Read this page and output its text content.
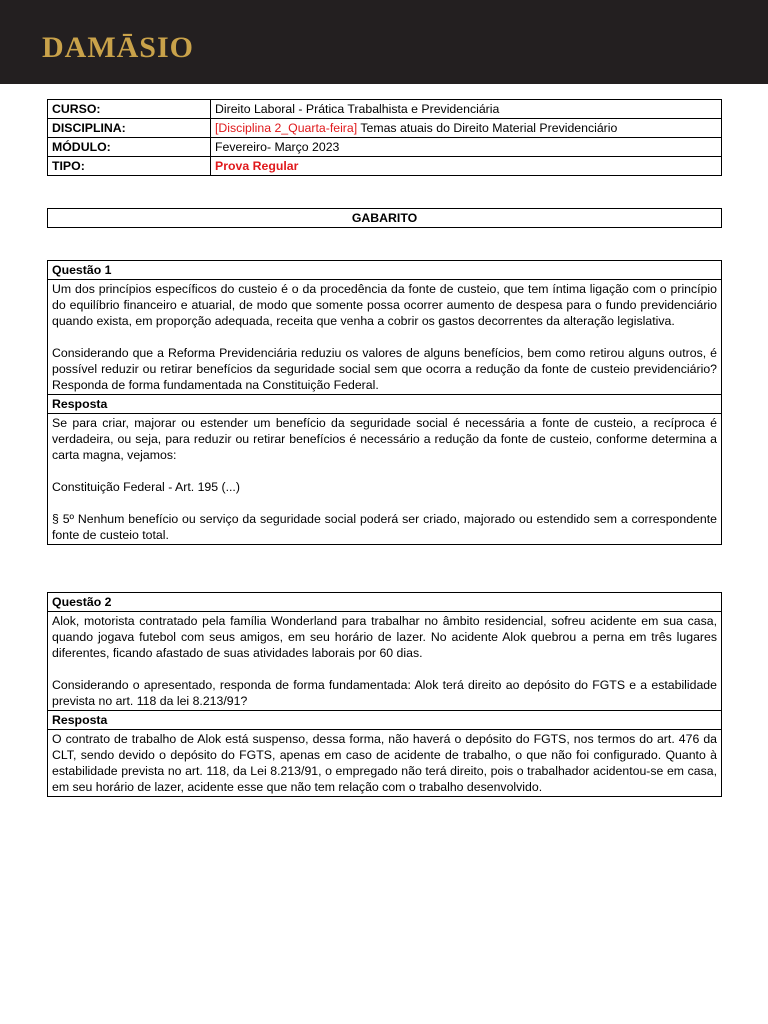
DAMĀSIO
CURSO:	Direito Laboral - Prática Trabalhista e Previdenciária
DISCIPLINA:	[Disciplina 2_Quarta-feira] Temas atuais do Direito Material Previdenciário
MÓDULO:	Fevereiro- Março 2023
TIPO:	Prova Regular
GABARITO
Questão 1

Um dos princípios específicos do custeio é o da procedência da fonte de custeio, que tem íntima ligação com o princípio do equilíbrio financeiro e atuarial, de modo que somente possa ocorrer aumento de despesa para o fundo previdenciário quando exista, em proporção adequada, receita que venha a cobrir os gastos decorrentes da alteração legislativa.

Considerando que a Reforma Previdenciária reduziu os valores de alguns benefícios, bem como retirou alguns outros, é possível reduzir ou retirar benefícios da seguridade social sem que ocorra a redução da fonte de custeio previdenciário? Responda de forma fundamentada na Constituição Federal.

Resposta

Se para criar, majorar ou estender um benefício da seguridade social é necessária a fonte de custeio, a recíproca é verdadeira, ou seja, para reduzir ou retirar benefícios é necessário a redução da fonte de custeio, conforme determina a carta magna, vejamos:

Constituição Federal - Art. 195 (...)

§ 5º Nenhum benefício ou serviço da seguridade social poderá ser criado, majorado ou estendido sem a correspondente fonte de custeio total.

Questão 2

Alok, motorista contratado pela família Wonderland para trabalhar no âmbito residencial, sofreu acidente em sua casa, quando jogava futebol com seus amigos, em seu horário de lazer. No acidente Alok quebrou a perna em três lugares diferentes, ficando afastado de suas atividades laborais por 60 dias.

Considerando o apresentado, responda de forma fundamentada: Alok terá direito ao depósito do FGTS e a estabilidade prevista no art. 118 da lei 8.213/91?

Resposta

O contrato de trabalho de Alok está suspenso, dessa forma, não haverá o depósito do FGTS, nos termos do art. 476 da CLT, sendo devido o depósito do FGTS, apenas em caso de acidente de trabalho, o que não foi configurado. Quanto à estabilidade prevista no art. 118, da Lei 8.213/91, o empregado não terá direito, pois o trabalhador acidentou-se em casa, em seu horário de lazer, acidente esse que não tem relação com o trabalho desenvolvido.
